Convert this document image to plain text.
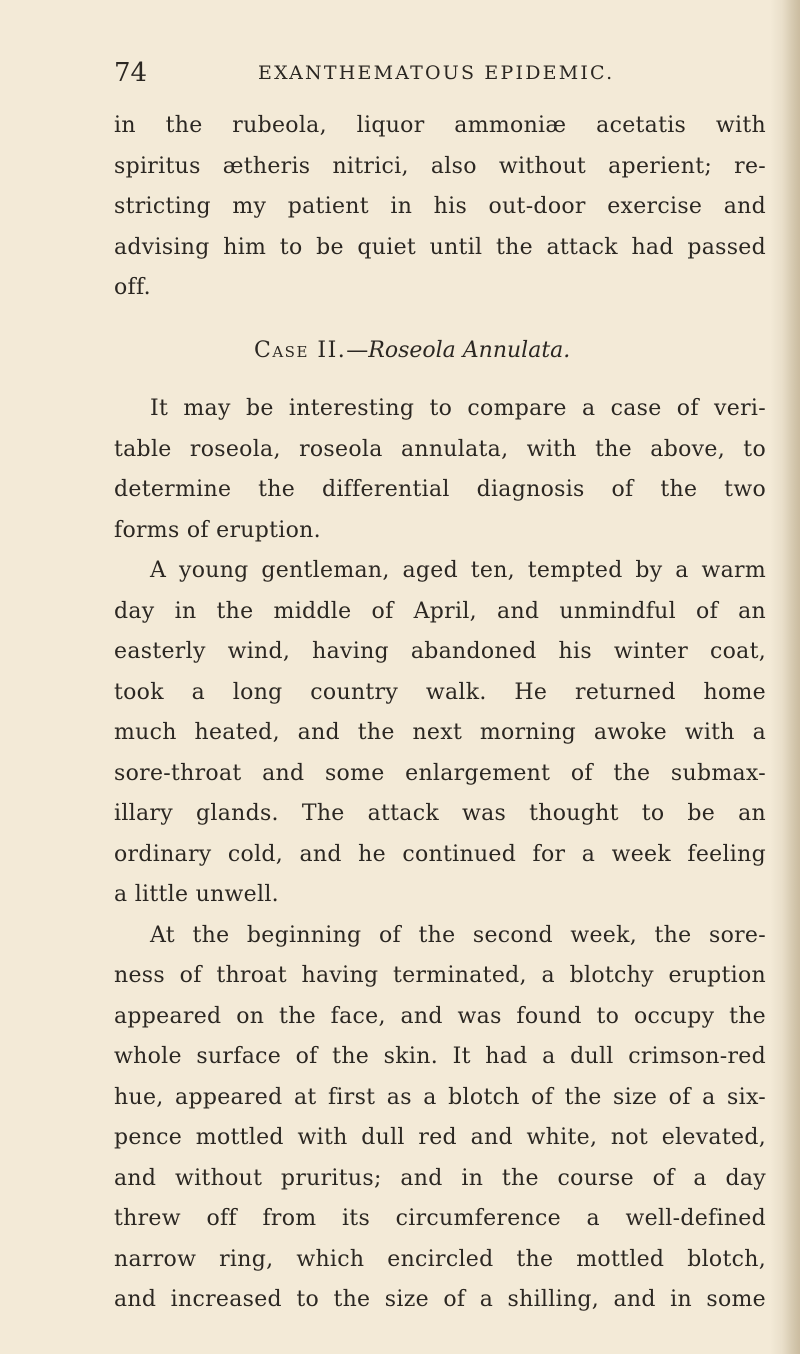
74	EXANTHEMATOUS EPIDEMIC.
in the rubeola, liquor ammoniæ acetatis with
spiritus ætheris nitrici, also without aperient; re-
stricting my patient in his out-door exercise and
advising him to be quiet until the attack had passed
off.
Case II.—Roseola Annulata.
It may be interesting to compare a case of veri-
table roseola, roseola annulata, with the above, to
determine the differential diagnosis of the two
forms of eruption.
A young gentleman, aged ten, tempted by a warm
day in the middle of April, and unmindful of an
easterly wind, having abandoned his winter coat,
took a long country walk. He returned home
much heated, and the next morning awoke with a
sore-throat and some enlargement of the submax-
illary glands. The attack was thought to be an
ordinary cold, and he continued for a week feeling
a little unwell.
At the beginning of the second week, the sore-
ness of throat having terminated, a blotchy eruption
appeared on the face, and was found to occupy the
whole surface of the skin. It had a dull crimson-red
hue, appeared at first as a blotch of the size of a six-
pence mottled with dull red and white, not elevated,
and without pruritus; and in the course of a day
threw off from its circumference a well-defined
narrow ring, which encircled the mottled blotch,
and increased to the size of a shilling, and in some
